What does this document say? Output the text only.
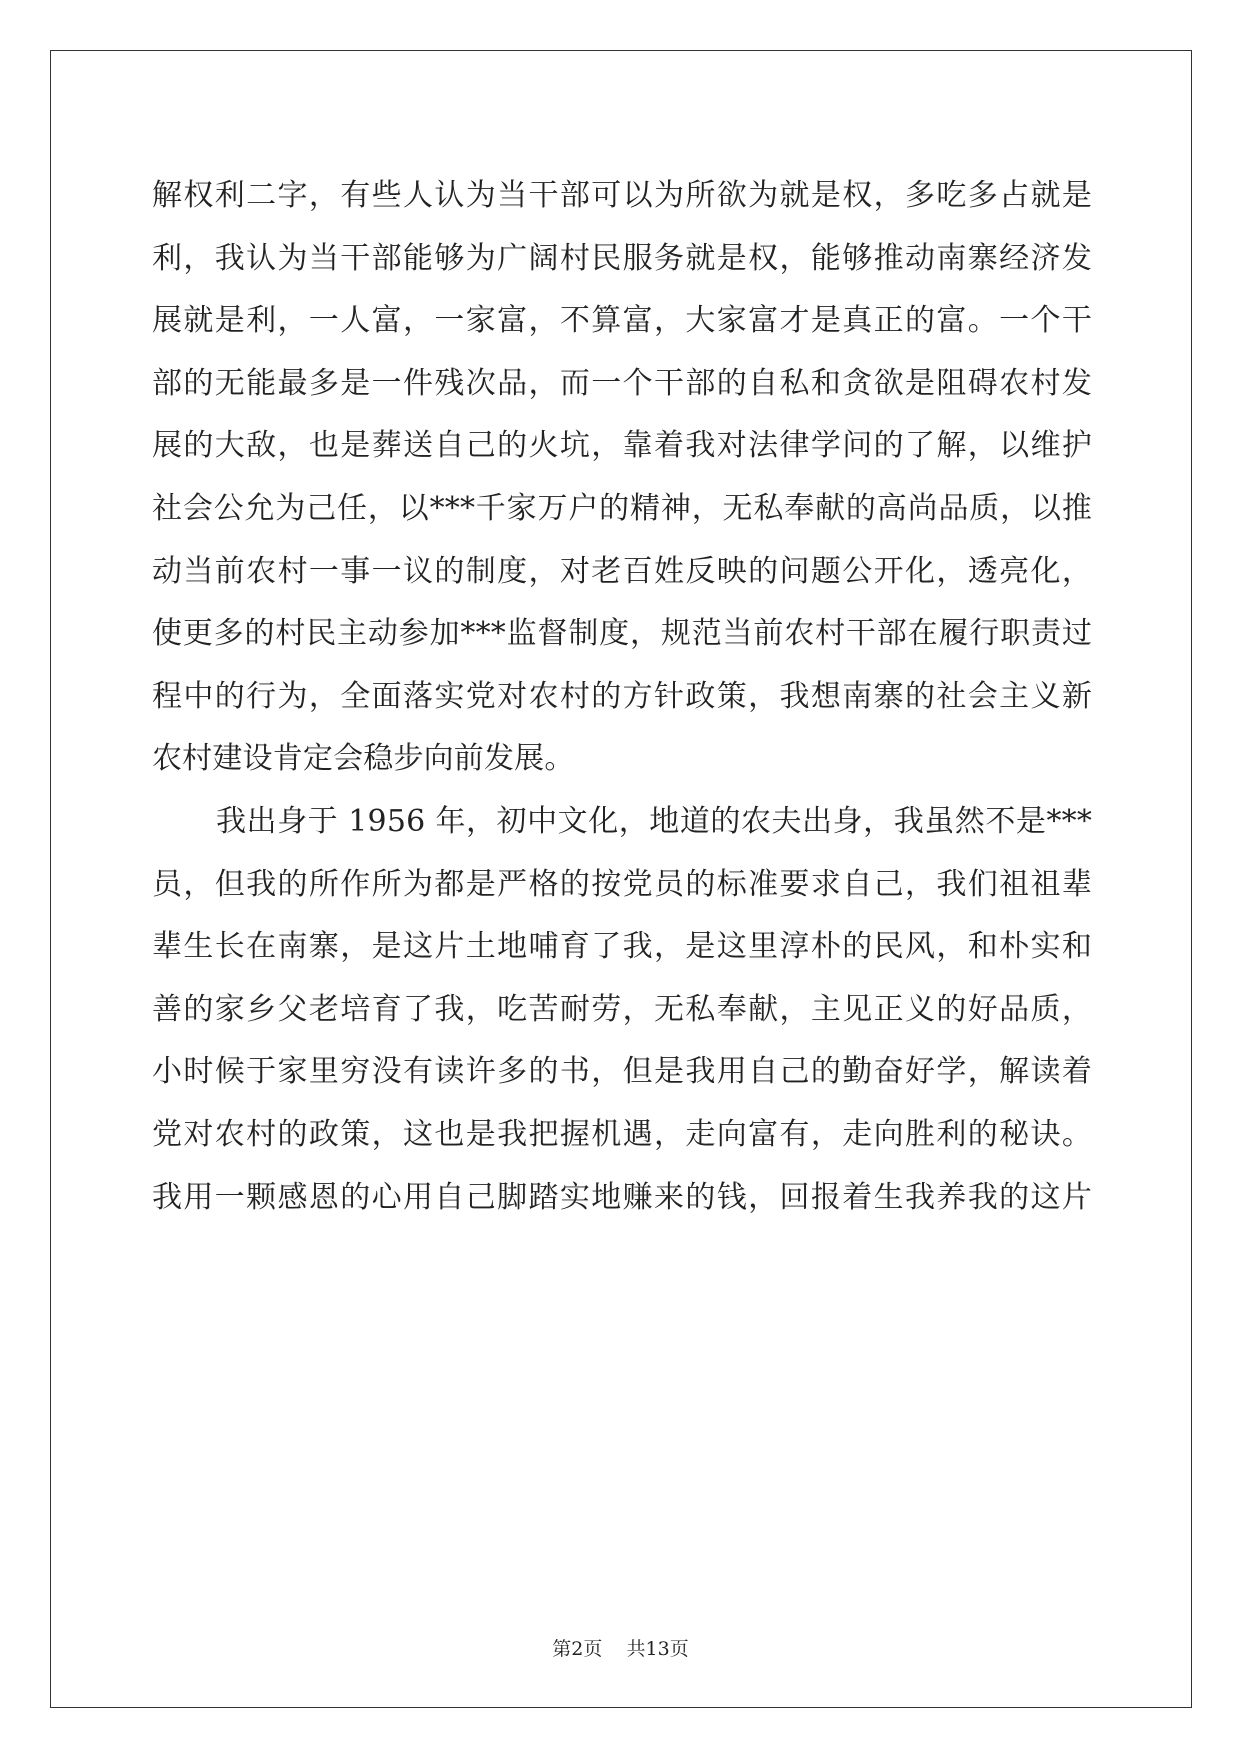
解权利二字，有些人认为当干部可以为所欲为就是权，多吃多占就是
利，我认为当干部能够为广阔村民服务就是权，能够推动南寨经济发
展就是利，一人富，一家富，不算富，大家富才是真正的富。一个干
部的无能最多是一件残次品，而一个干部的自私和贪欲是阻碍农村发
展的大敌，也是葬送自己的火坑，靠着我对法律学问的了解，以维护
社会公允为己任，以***千家万户的精神，无私奉献的高尚品质，以推
动当前农村一事一议的制度，对老百姓反映的问题公开化，透亮化，
使更多的村民主动参加***监督制度，规范当前农村干部在履行职责过
程中的行为，全面落实党对农村的方针政策，我想南寨的社会主义新
农村建设肯定会稳步向前发展。
我出身于 1956 年，初中文化，地道的农夫出身，我虽然不是***
员，但我的所作所为都是严格的按党员的标准要求自己，我们祖祖辈
辈生长在南寨，是这片土地哺育了我，是这里淳朴的民风，和朴实和
善的家乡父老培育了我，吃苦耐劳，无私奉献，主见正义的好品质，
小时候于家里穷没有读许多的书，但是我用自己的勤奋好学，解读着
党对农村的政策，这也是我把握机遇，走向富有，走向胜利的秘诀。
我用一颗感恩的心用自己脚踏实地赚来的钱，回报着生我养我的这片
第2页 共13页
